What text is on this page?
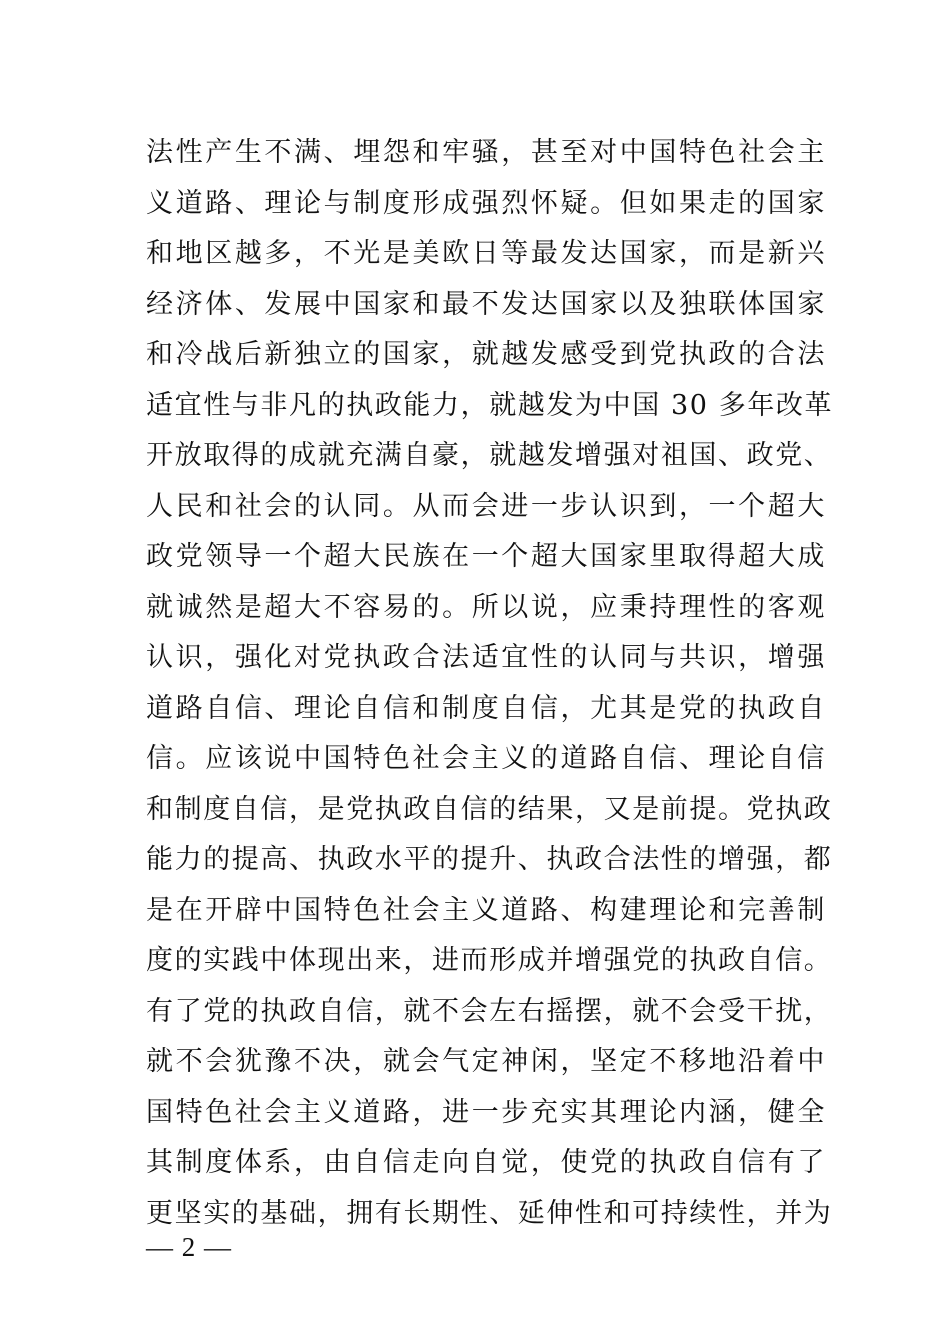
法性产生不满、埋怨和牢骚，甚至对中国特色社会主
义道路、理论与制度形成强烈怀疑。但如果走的国家
和地区越多，不光是美欧日等最发达国家，而是新兴
经济体、发展中国家和最不发达国家以及独联体国家
和冷战后新独立的国家，就越发感受到党执政的合法
适宜性与非凡的执政能力，就越发为中国 30 多年改革
开放取得的成就充满自豪，就越发增强对祖国、政党、
人民和社会的认同。从而会进一步认识到，一个超大
政党领导一个超大民族在一个超大国家里取得超大成
就诚然是超大不容易的。所以说，应秉持理性的客观
认识，强化对党执政合法适宜性的认同与共识，增强
道路自信、理论自信和制度自信，尤其是党的执政自
信。应该说中国特色社会主义的道路自信、理论自信
和制度自信，是党执政自信的结果，又是前提。党执政
能力的提高、执政水平的提升、执政合法性的增强，都
是在开辟中国特色社会主义道路、构建理论和完善制
度的实践中体现出来，进而形成并增强党的执政自信。
有了党的执政自信，就不会左右摇摆，就不会受干扰，
就不会犹豫不决，就会气定神闲，坚定不移地沿着中
国特色社会主义道路，进一步充实其理论内涵，健全
其制度体系，由自信走向自觉，使党的执政自信有了
更坚实的基础，拥有长期性、延伸性和可持续性，并为
— 2 —
